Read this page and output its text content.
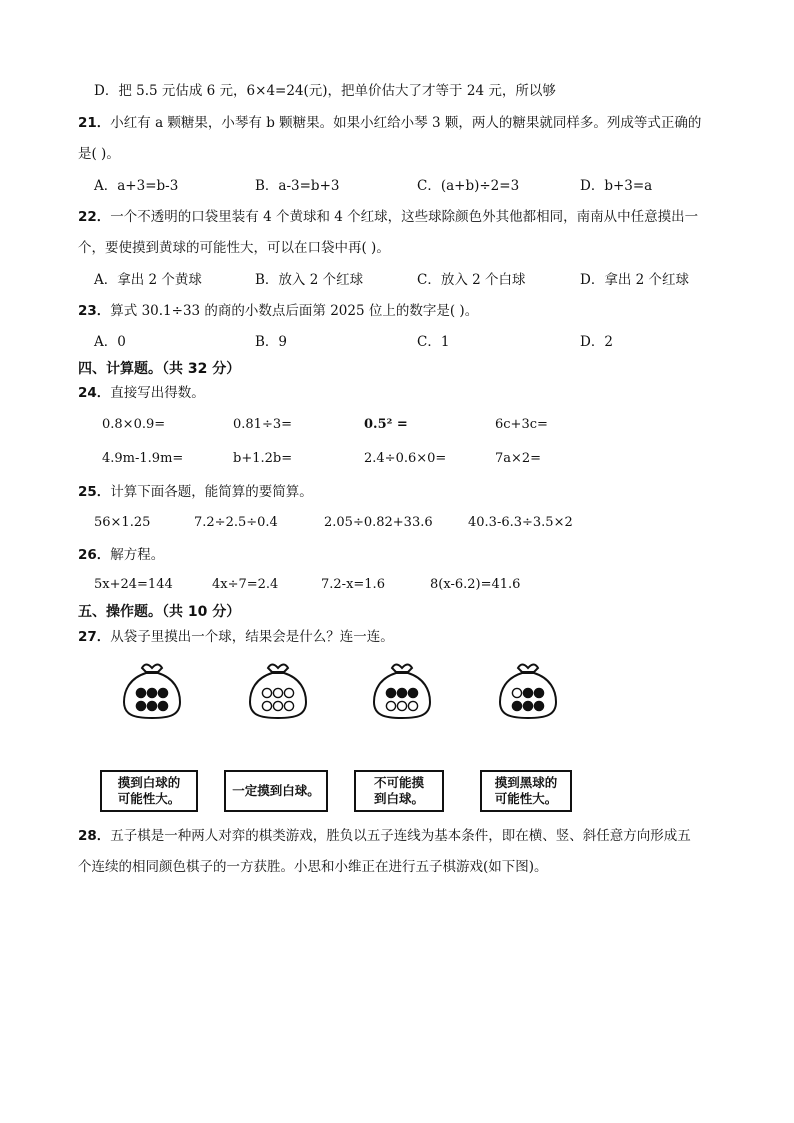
D．把 5.5 元估成 6 元，6×4=24(元)，把单价估大了才等于 24 元，所以够
21．小红有 a 颗糖果，小琴有 b 颗糖果。如果小红给小琴 3 颗，两人的糖果就同样多。列成等式正确的
是( )。
A．a+3=b-3	B．a-3=b+3	C．(a+b)÷2=3	D．b+3=a
22．一个不透明的口袋里装有 4 个黄球和 4 个红球，这些球除颜色外其他都相同，南南从中任意摸出一
个，要使摸到黄球的可能性大，可以在口袋中再( )。
A．拿出 2 个黄球	B．放入 2 个红球	C．放入 2 个白球	D．拿出 2 个红球
23．算式 30.1÷33 的商的小数点后面第 2025 位上的数字是( )。
A．0	B．9	C．1	D．2
四、计算题。（共 32 分）
24．直接写出得数。
0.8×0.9=	0.81÷3=	0.5² =	6c+3c=
4.9m-1.9m=	b+1.2b=	2.4÷0.6×0=	7a×2=
25．计算下面各题，能简算的要简算。
56×1.25	7.2÷2.5÷0.4	2.05÷0.82+33.6	40.3-6.3÷3.5×2
26．解方程。
5x+24=144	4x÷7=2.4	7.2-x=1.6	8(x-6.2)=41.6
五、操作题。（共 10 分）
27．从袋子里摸出一个球，结果会是什么？连一连。
摸到白球的
可能性大。
一定摸到白球。
不可能摸
到白球。
摸到黑球的
可能性大。
28．五子棋是一种两人对弈的棋类游戏，胜负以五子连线为基本条件，即在横、竖、斜任意方向形成五
个连续的相同颜色棋子的一方获胜。小思和小维正在进行五子棋游戏(如下图)。
